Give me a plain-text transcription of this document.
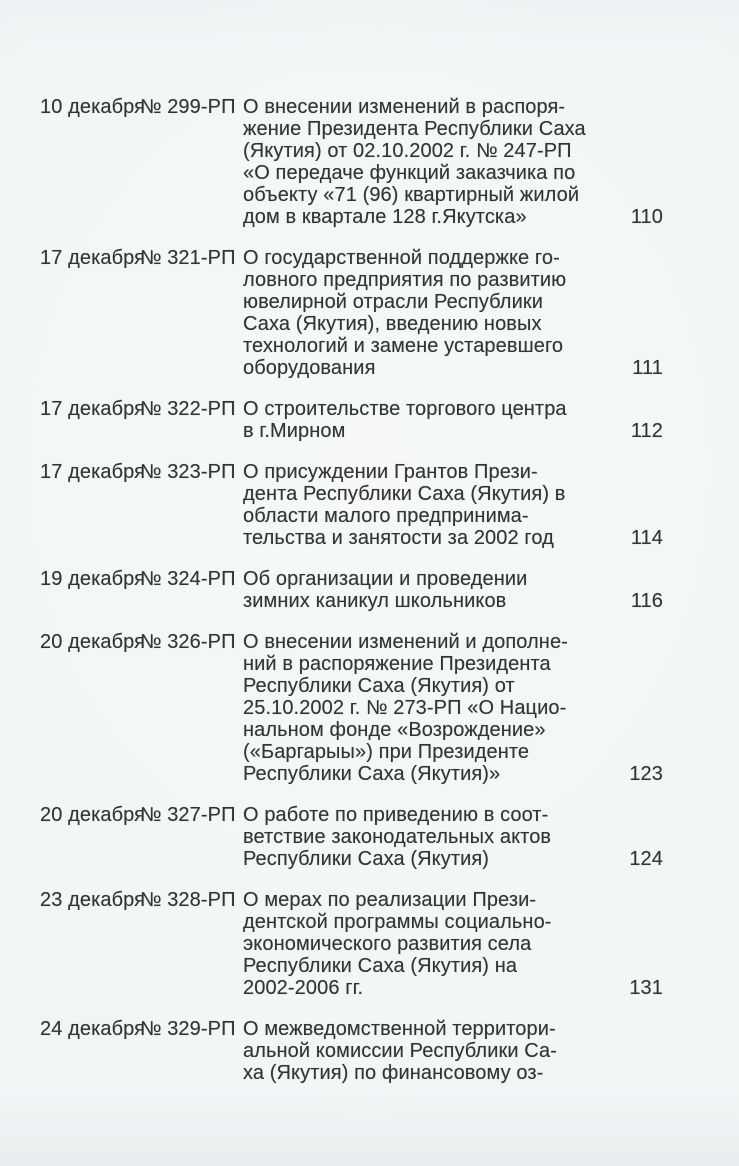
10 декабря№ 299-РП О внесении изменений в распоря-
жение Президента Республики Саха
(Якутия) от 02.10.2002 г. № 247-РП
«О передаче функций заказчика по
объекту «71 (96) квартирный жилой
дом в квартале 128 г.Якутска»	110
17 декабря№ 321-РП О государственной поддержке го-
ловного предприятия по развитию
ювелирной отрасли Республики
Саха (Якутия), введению новых
технологий и замене устаревшего
оборудования	111
17 декабря№ 322-РП О строительстве торгового центра
в г.Мирном	112
17 декабря№ 323-РП О присуждении Грантов Прези-
дента Республики Саха (Якутия) в
области малого предпринима-
тельства и занятости за 2002 год	114
19 декабря№ 324-РП Об организации и проведении
зимних каникул школьников	116
20 декабря№ 326-РП О внесении изменений и дополне-
ний в распоряжение Президента
Республики Саха (Якутия) от
25.10.2002 г. № 273-РП «О Нацио-
нальном фонде «Возрождение»
(«Баргарыы») при Президенте
Республики Саха (Якутия)»	123
20 декабря№ 327-РП О работе по приведению в соот-
ветствие законодательных актов
Республики Саха (Якутия)	124
23 декабря№ 328-РП О мерах по реализации Прези-
дентской программы социально-
экономического развития села
Республики Саха (Якутия) на
2002-2006 гг.	131
24 декабря№ 329-РП О межведомственной территори-
альной комиссии Республики Са-
ха (Якутия) по финансовому оз-
